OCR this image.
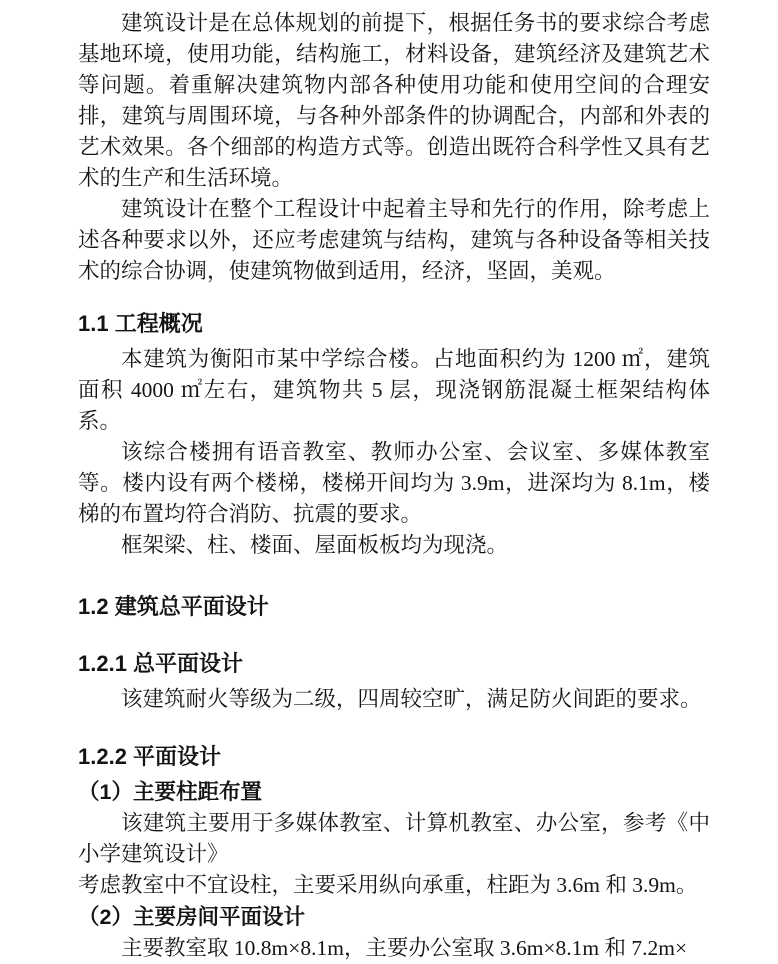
建筑设计是在总体规划的前提下，根据任务书的要求综合考虑基地环境，使用功能，结构施工，材料设备，建筑经济及建筑艺术等问题。着重解决建筑物内部各种使用功能和使用空间的合理安排，建筑与周围环境，与各种外部条件的协调配合，内部和外表的艺术效果。各个细部的构造方式等。创造出既符合科学性又具有艺术的生产和生活环境。

建筑设计在整个工程设计中起着主导和先行的作用，除考虑上述各种要求以外，还应考虑建筑与结构，建筑与各种设备等相关技术的综合协调，使建筑物做到适用，经济，坚固，美观。

1.1 工程概况

本建筑为衡阳市某中学综合楼。占地面积约为 1200 ㎡，建筑面积 4000 ㎡左右，建筑物共 5 层，现浇钢筋混凝土框架结构体系。

该综合楼拥有语音教室、教师办公室、会议室、多媒体教室等。楼内设有两个楼梯，楼梯开间均为 3.9m，进深均为 8.1m，楼梯的布置均符合消防、抗震的要求。

框架梁、柱、楼面、屋面板板均为现浇。

1.2 建筑总平面设计
1.2.1 总平面设计

该建筑耐火等级为二级，四周较空旷，满足防火间距的要求。

1.2.2 平面设计
（1）主要柱距布置

该建筑主要用于多媒体教室、计算机教室、办公室，参考《中小学建筑设计》

考虑教室中不宜设柱，主要采用纵向承重，柱距为 3.6m 和 3.9m。

（2）主要房间平面设计

主要教室取 10.8m×8.1m，主要办公室取 3.6m×8.1m 和 7.2m×
